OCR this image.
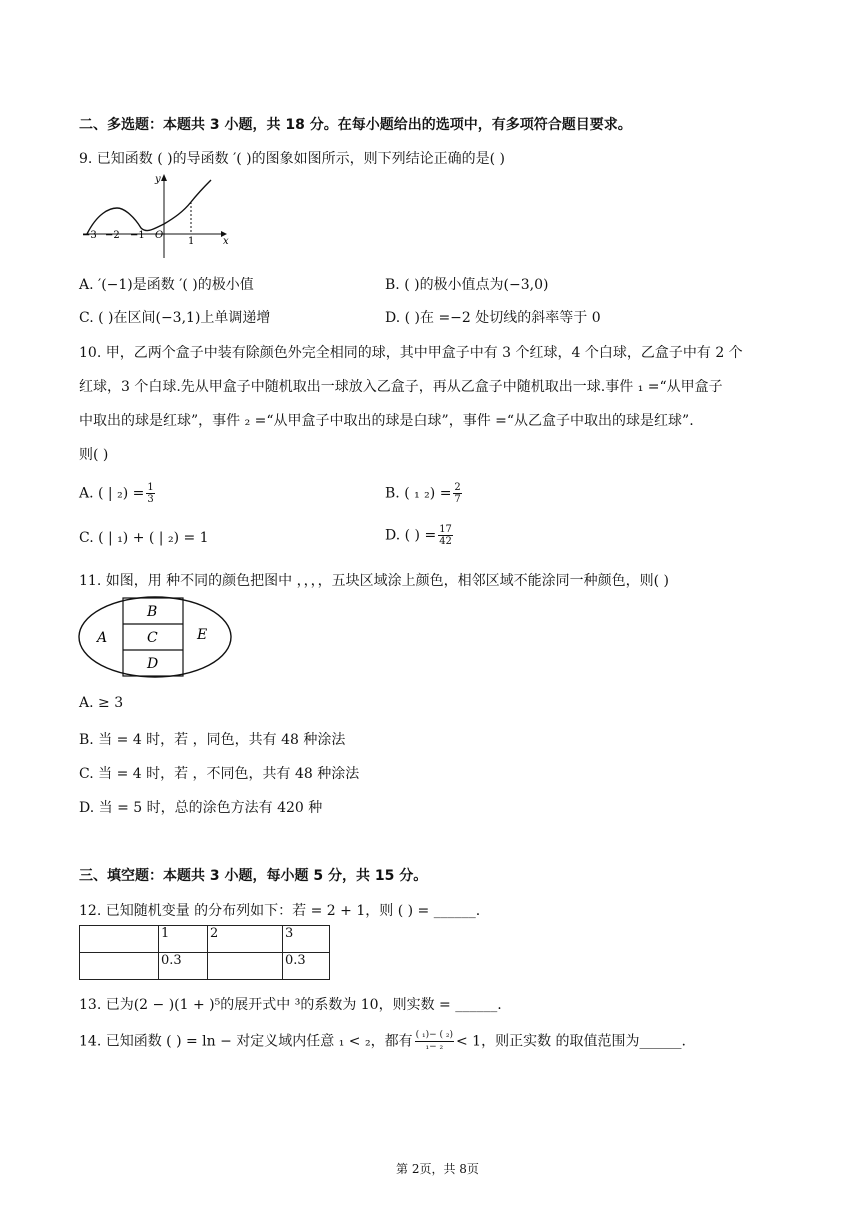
二、多选题：本题共 3 小题，共 18 分。在每小题给出的选项中，有多项符合题目要求。
9. 已知函数 ( )的导函数 ′( )的图象如图所示，则下列结论正确的是( )
x
y
−3 −2 −1 O
1
A. ′(−1)是函数 ′( )的极小值	B. ( )的极小值点为(−3,0)
C. ( )在区间(−3,1)上单调递增	D. ( )在 =−2 处切线的斜率等于 0
10. 甲，乙两个盒子中装有除颜色外完全相同的球，其中甲盒子中有 3 个红球，4 个白球，乙盒子中有 2 个
红球，3 个白球.先从甲盒子中随机取出一球放入乙盒子，再从乙盒子中随机取出一球.事件 ₁ =“从甲盒子
中取出的球是红球”，事件 ₂ =“从甲盒子中取出的球是白球”，事件 =“从乙盒子中取出的球是红球”.
则( )
A. ( | $_2) = \frac{1}{3}$	B. ( ₁ $_2) = \frac{2}{7}$
C. ( | ₁) + ( | ₂) = 1	D. ( ) = $\frac{17}{42}$
11. 如图，用 种不同的颜色把图中 ，，，，五块区域涂上颜色，相邻区域不能涂同一种颜色，则( )
A
B
C
D
E
A. ≥ 3
B. 当 = 4 时，若 ，同色，共有 48 种涂法
C. 当 = 4 时，若 ，不同色，共有 48 种涂法
D. 当 = 5 时，总的涂色方法有 420 种
三、填空题：本题共 3 小题，每小题 5 分，共 15 分。
12. 已知随机变量 的分布列如下：若 = 2 + 1，则 ( ) = ______.
	1	2	3
	0.3		0.3
13. 已为(2 − )(1 + )⁵的展开式中 ³的系数为 10，则实数 = ______.
14. 已知函数 ( ) = ln − 对定义域内任意 ₁ < ₂，都有 $\frac{\text{( ₁)− ( ₂)}}{\text{₁− ₂}} < 1$，则正实数 的取值范围为______.
第 2页，共 8页
